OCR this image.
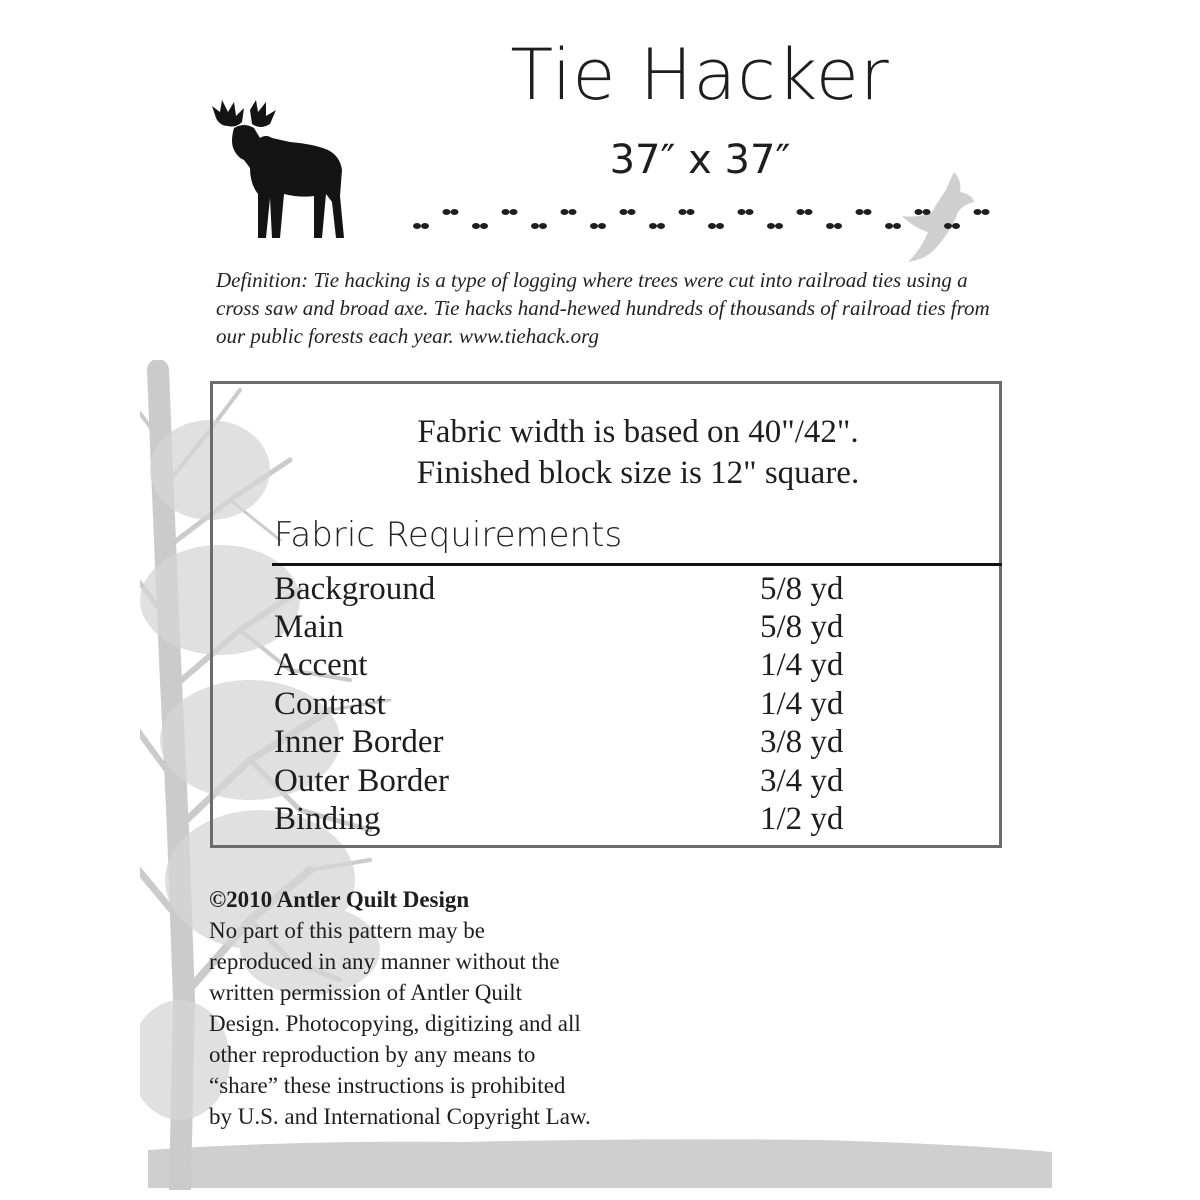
Tie Hacker
37″ x 37″
Definition: Tie hacking is a type of logging where trees were cut into railroad ties using a cross saw and broad axe. Tie hacks hand-hewed hundreds of thousands of railroad ties from our public forests each year. www.tiehack.org
Fabric width is based on 40"/42".
Finished block size is 12" square.
Fabric Requirements
Background	5/8 yd
Main	5/8 yd
Accent	1/4 yd
Contrast	1/4 yd
Inner Border	3/8 yd
Outer Border	3/4 yd
Binding	1/2 yd
©2010 Antler Quilt Design
No part of this pattern may be
reproduced in any manner without the
written permission of Antler Quilt
Design. Photocopying, digitizing and all
other reproduction by any means to
“share” these instructions is prohibited
by U.S. and International Copyright Law.
